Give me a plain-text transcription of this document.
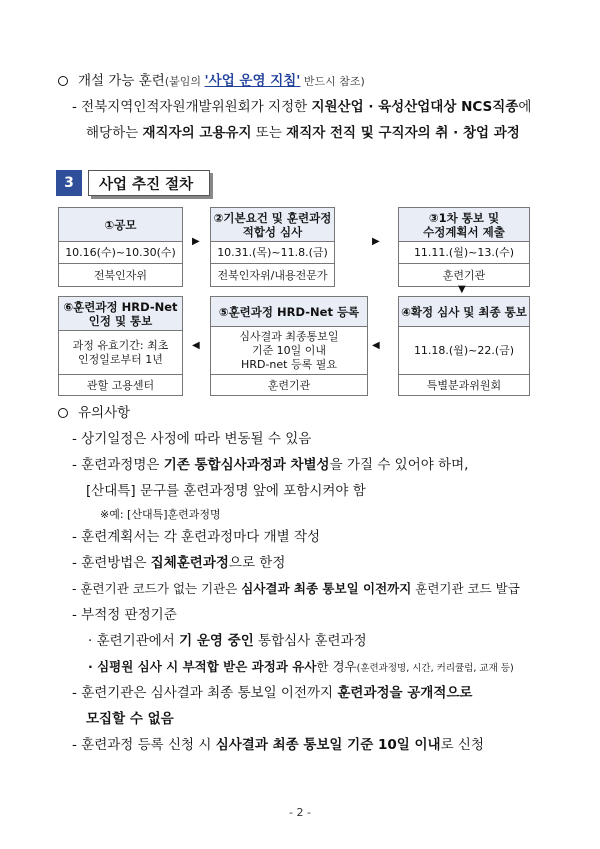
개설 가능 훈련(붙임의 '사업 운영 지침' 반드시 참조)
- 전북지역인적자원개발위원회가 지정한 지원산업 · 육성산업대상 NCS직종에
해당하는 재직자의 고용유지 또는 재직자 전직 및 구직자의 취 · 창업 과정
3	사업 추진 절차
①공모
10.16(수)~10.30(수)
전북인자위
▶
②기본요건 및 훈련과정
적합성 심사
10.31.(목)~11.8.(금)
전북인자위/내용전문가
▶
③1차 통보 및
수정계획서 제출
11.11.(월)~13.(수)
훈련기관
▼
⑥훈련과정 HRD-Net
인정 및 통보
과정 유효기간: 최초
인정일로부터 1년
관할 고용센터
◀
⑤훈련과정 HRD-Net 등록
심사결과 최종통보일
기준 10일 이내
HRD-net 등록 필요
훈련기관
◀
④확정 심사 및 최종 통보
11.18.(월)~22.(금)
특별분과위원회
유의사항
- 상기일정은 사정에 따라 변동될 수 있음
- 훈련과정명은 기존 통합심사과정과 차별성을 가질 수 있어야 하며,
[산대특] 문구를 훈련과정명 앞에 포함시켜야 함
※예: [산대특]훈련과정명
- 훈련계획서는 각 훈련과정마다 개별 작성
- 훈련방법은 집체훈련과정으로 한정
- 훈련기관 코드가 없는 기관은 심사결과 최종 통보일 이전까지 훈련기관 코드 발급
- 부적정 판정기준
· 훈련기관에서 기 운영 중인 통합심사 훈련과정
· 심평원 심사 시 부적합 받은 과정과 유사한 경우(훈련과정명, 시간, 커리큘럼, 교재 등)
- 훈련기관은 심사결과 최종 통보일 이전까지 훈련과정을 공개적으로
모집할 수 없음
- 훈련과정 등록 신청 시 심사결과 최종 통보일 기준 10일 이내로 신청
- 2 -
